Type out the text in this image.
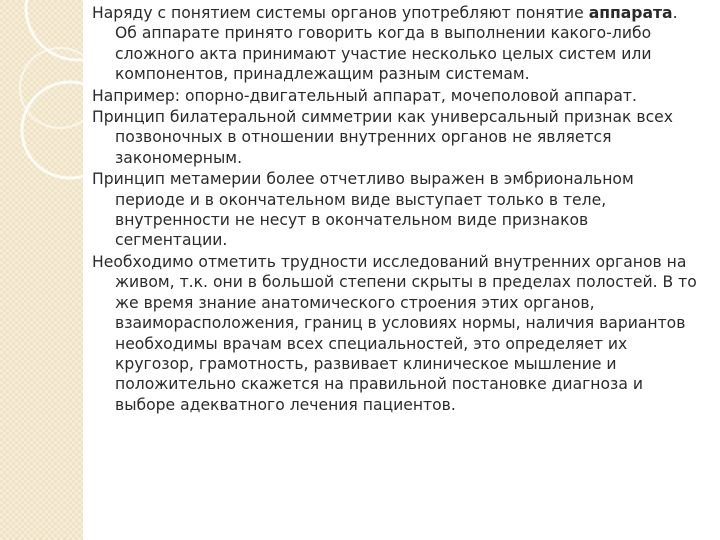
Наряду с понятием системы органов употребляют понятие аппарата. Об аппарате принято говорить когда в выполнении какого-либо сложного акта принимают участие несколько целых систем или компонентов, принадлежащим разным системам.

Например: опорно-двигательный аппарат, мочеполовой аппарат.

Принцип билатеральной симметрии как универсальный признак всех позвоночных в отношении внутренних органов не является закономерным.

Принцип метамерии более отчетливо выражен в эмбриональном периоде и в окончательном виде выступает только в теле, внутренности не несут в окончательном виде признаков сегментации.

Необходимо отметить трудности исследований внутренних органов на живом, т.к. они в большой степени скрыты в пределах полостей. В то же время знание анатомического строения этих органов, взаиморасположения, границ в условиях нормы, наличия вариантов необходимы врачам всех специальностей, это определяет их кругозор, грамотность, развивает клиническое мышление и положительно скажется на правильной постановке диагноза и выборе адекватного лечения пациентов.
